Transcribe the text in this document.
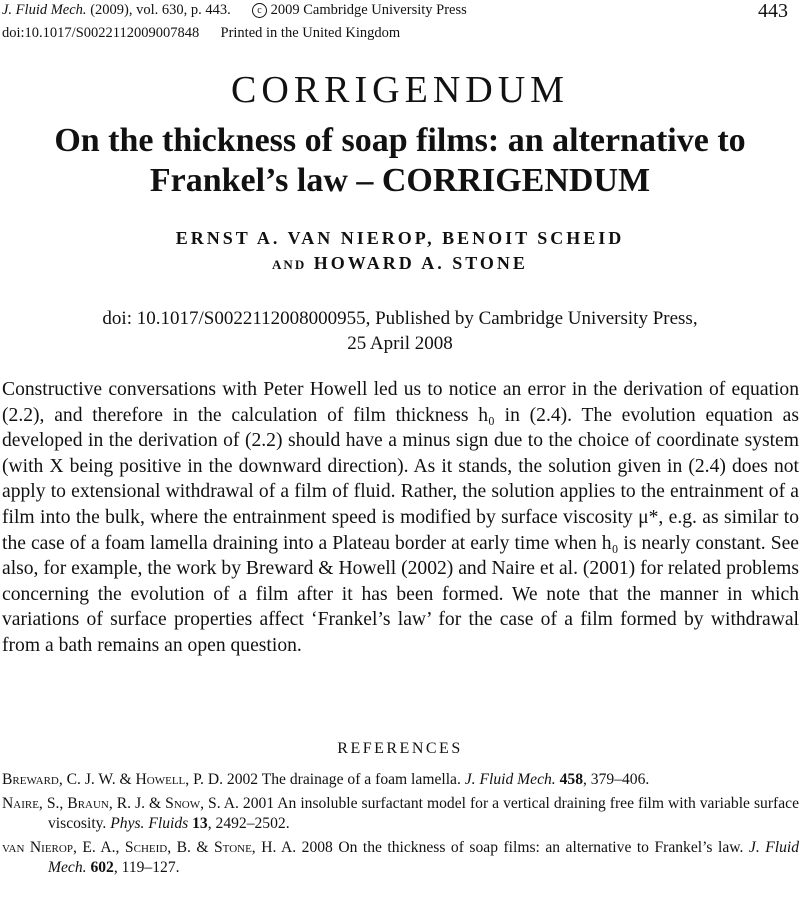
J. Fluid Mech. (2009), vol. 630, p. 443.	c 2009 Cambridge University Press
doi:10.1017/S0022112009007848 Printed in the United Kingdom
443
CORRIGENDUM
On the thickness of soap films: an alternative to
Frankel’s law – CORRIGENDUM
ERNST A. VAN NIEROP, BENOIT SCHEID
AND HOWARD A. STONE
doi: 10.1017/S0022112008000955, Published by Cambridge University Press,
25 April 2008
Constructive conversations with Peter Howell led us to notice an error in the derivation of equation (2.2), and therefore in the calculation of film thickness h₀ in (2.4). The evolution equation as developed in the derivation of (2.2) should have a minus sign due to the choice of coordinate system (with X being positive in the downward direction). As it stands, the solution given in (2.4) does not apply to extensional withdrawal of a film of fluid. Rather, the solution applies to the entrainment of a film into the bulk, where the entrainment speed is modified by surface viscosity μ*, e.g. as similar to the case of a foam lamella draining into a Plateau border at early time when h₀ is nearly constant. See also, for example, the work by Breward & Howell (2002) and Naire et al. (2001) for related problems concerning the evolution of a film after it has been formed. We note that the manner in which variations of surface properties affect ‘Frankel’s law’ for the case of a film formed by withdrawal from a bath remains an open question.
REFERENCES
Breward, C. J. W. & Howell, P. D. 2002 The drainage of a foam lamella. J. Fluid Mech. 458, 379–406.
Naire, S., Braun, R. J. & Snow, S. A. 2001 An insoluble surfactant model for a vertical draining free film with variable surface viscosity. Phys. Fluids 13, 2492–2502.
van Nierop, E. A., Scheid, B. & Stone, H. A. 2008 On the thickness of soap films: an alternative to Frankel’s law. J. Fluid Mech. 602, 119–127.
